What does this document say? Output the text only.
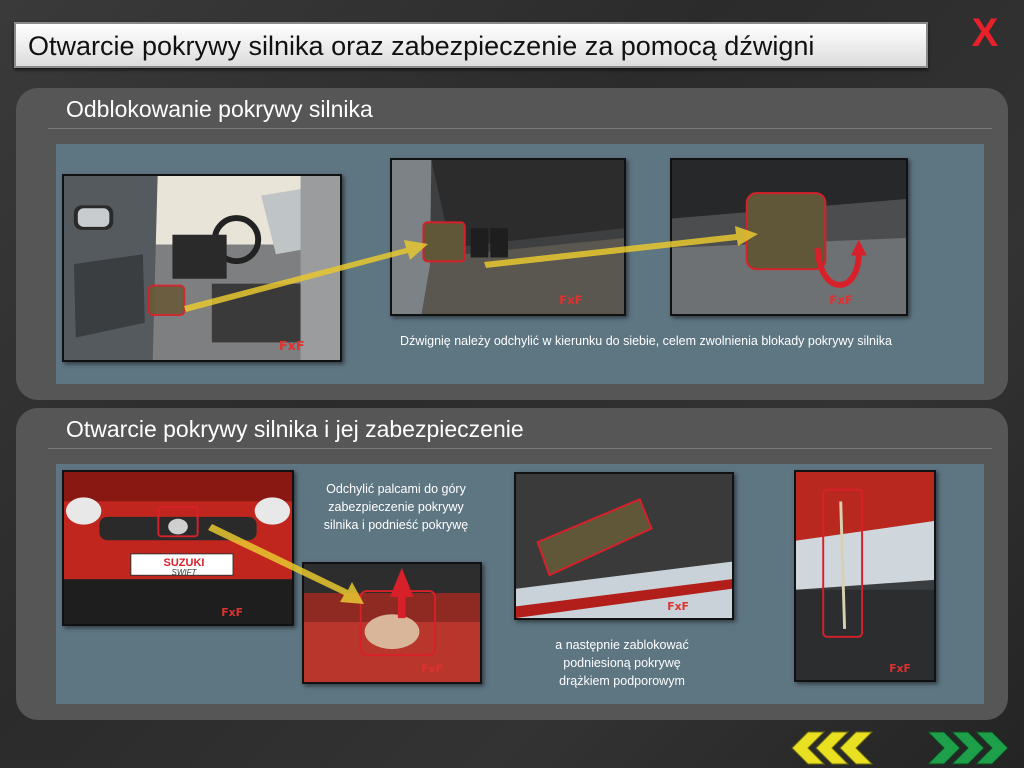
Otwarcie pokrywy silnika oraz zabezpieczenie za pomocą dźwigni	X
Odblokowanie pokrywy silnika
FxF
FxF	FxF
Dźwignię należy odchylić w kierunku do siebie, celem zwolnienia blokady pokrywy silnika
Otwarcie pokrywy silnika i jej zabezpieczenie
FxF
SUZUKI
SWIFT
FxF
FxF
FxF
Odchylić palcami do góry zabezpieczenie pokrywy silnika i podnieść pokrywę
a następnie zablokować podniesioną pokrywę drążkiem podporowym
